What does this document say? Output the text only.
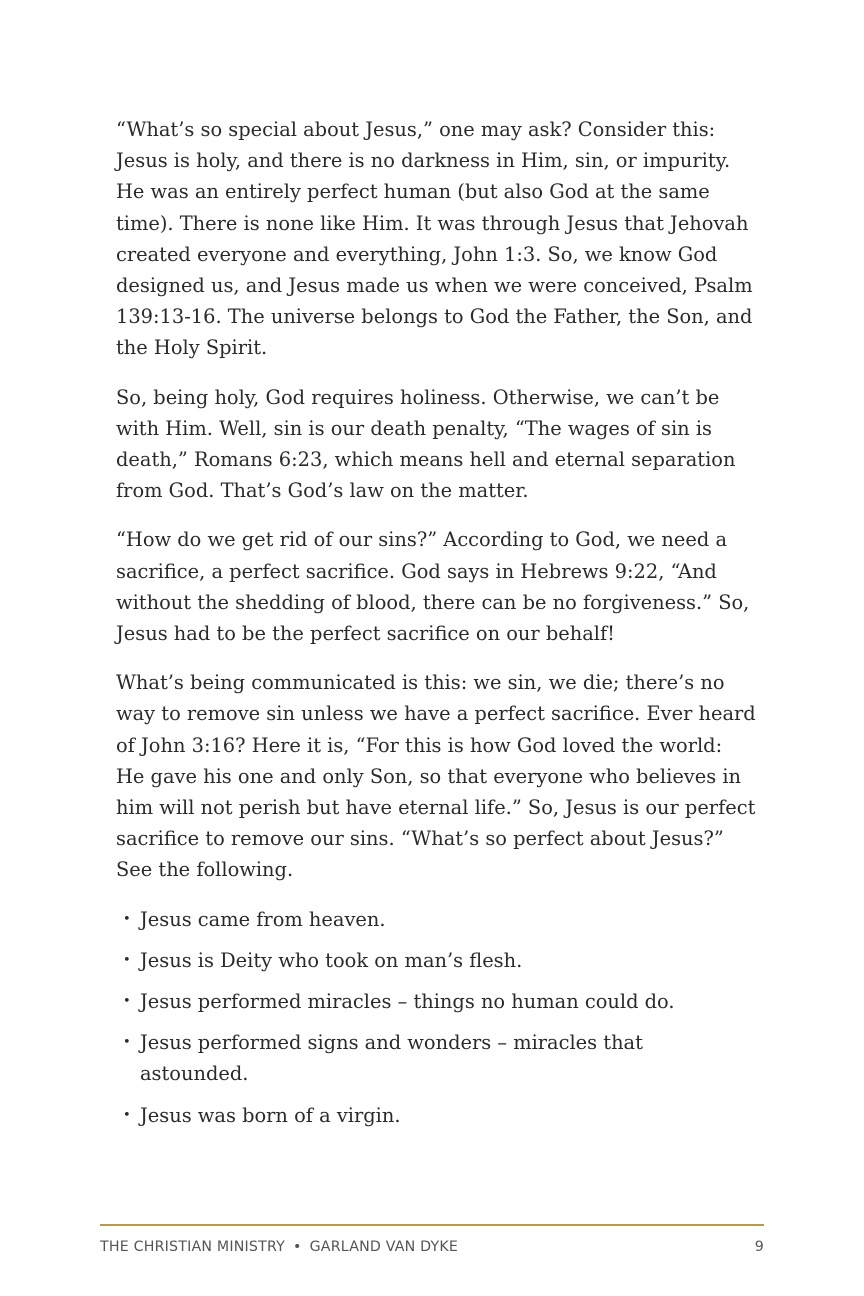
“What’s so special about Jesus,” one may ask? Consider this: Jesus is holy, and there is no darkness in Him, sin, or impurity. He was an entirely perfect human (but also God at the same time). There is none like Him. It was through Jesus that Jehovah created everyone and everything, John 1:3. So, we know God designed us, and Jesus made us when we were conceived, Psalm 139:13-16. The universe belongs to God the Father, the Son, and the Holy Spirit.

So, being holy, God requires holiness. Otherwise, we can’t be with Him. Well, sin is our death penalty, “The wages of sin is death,” Romans 6:23, which means hell and eternal separation from God. That’s God’s law on the matter.

“How do we get rid of our sins?” According to God, we need a sacrifice, a perfect sacrifice. God says in Hebrews 9:22, “And without the shedding of blood, there can be no forgiveness.” So, Jesus had to be the perfect sacrifice on our behalf!

What’s being communicated is this: we sin, we die; there’s no way to remove sin unless we have a perfect sacrifice. Ever heard of John 3:16? Here it is, “For this is how God loved the world: He gave his one and only Son, so that everyone who believes in him will not perish but have eternal life.” So, Jesus is our perfect sacrifice to remove our sins. “What’s so perfect about Jesus?” See the following.

• Jesus came from heaven.
• Jesus is Deity who took on man’s flesh.
• Jesus performed miracles – things no human could do.
• Jesus performed signs and wonders – miracles that astounded.
• Jesus was born of a virgin.
THE CHRISTIAN MINISTRY • GARLAND VAN DYKE	9
